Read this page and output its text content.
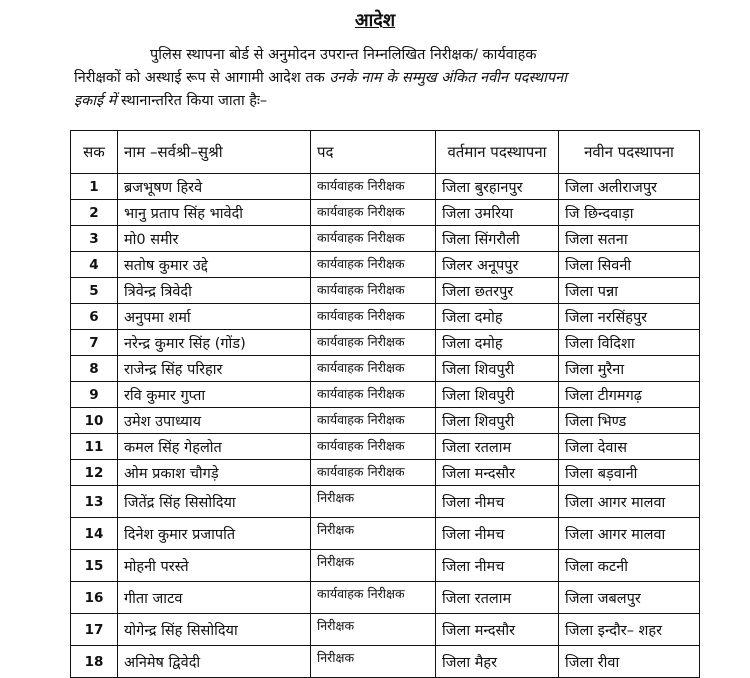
आदेश
पुलिस स्थापना बोर्ड से अनुमोदन उपरान्त निम्नलिखित निरीक्षक/ कार्यवाहक
निरीक्षकों को अस्थाई रूप से आगामी आदेश तक उनके नाम के सम्मुख अंकित नवीन पदस्थापना
इकाई में स्थानान्तरित किया जाता हैः–
सक	नाम –सर्वश्री–सुश्री	पद	वर्तमान पदस्थापना	नवीन पदस्थापना
1	ब्रजभूषण हिरवे	कार्यवाहक निरीक्षक	जिला बुरहानपुर	जिला अलीराजपुर
2	भानु प्रताप सिंह भावेदी	कार्यवाहक निरीक्षक	जिला उमरिया	जि छिन्दवाड़ा
3	मो0 समीर	कार्यवाहक निरीक्षक	जिला सिंगरौली	जिला सतना
4	सतोष कुमार उद्दे	कार्यवाहक निरीक्षक	जिलर अनूपपुर	जिला सिवनी
5	त्रिवेन्द्र त्रिवेदी	कार्यवाहक निरीक्षक	जिला छतरपुर	जिला पन्ना
6	अनुपमा शर्मा	कार्यवाहक निरीक्षक	जिला दमोह	जिला नरसिंहपुर
7	नरेन्द्र कुमार सिंह (गोंड)	कार्यवाहक निरीक्षक	जिला दमोह	जिला विदिशा
8	राजेन्द्र सिंह परिहार	कार्यवाहक निरीक्षक	जिला शिवपुरी	जिला मुरैना
9	रवि कुमार गुप्ता	कार्यवाहक निरीक्षक	जिला शिवपुरी	जिला टीगमगढ़
10	उमेश उपाध्याय	कार्यवाहक निरीक्षक	जिला शिवपुरी	जिला भिण्ड
11	कमल सिंह गेहलोत	कार्यवाहक निरीक्षक	जिला रतलाम	जिला देवास
12	ओम प्रकाश चौगड़े	कार्यवाहक निरीक्षक	जिला मन्दसौर	जिला बड़वानी
13	जितेंद्र सिंह सिसोदिया	निरीक्षक	जिला नीमच	जिला आगर मालवा
14	दिनेश कुमार प्रजापति	निरीक्षक	जिला नीमच	जिला आगर मालवा
15	मोहनी परस्ते	निरीक्षक	जिला नीमच	जिला कटनी
16	गीता जाटव	कार्यवाहक निरीक्षक	जिला रतलाम	जिला जबलपुर
17	योगेन्द्र सिंह सिसोदिया	निरीक्षक	जिला मन्दसौर	जिला इन्दौर– शहर
18	अनिमेष द्विवेदी	निरीक्षक	जिला मैहर	जिला रीवा
